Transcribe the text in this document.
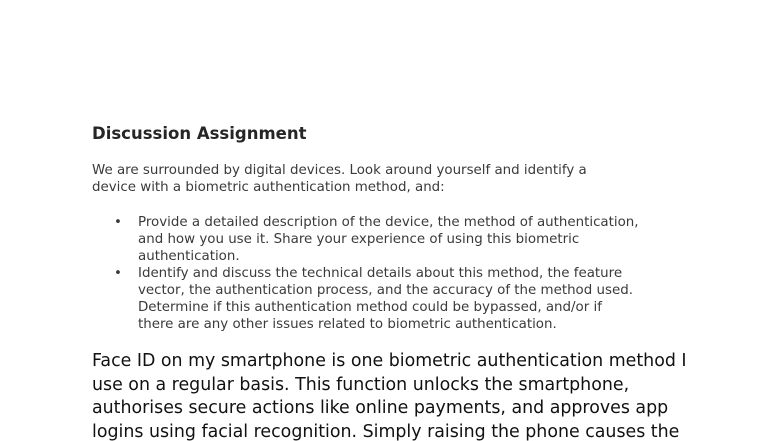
Discussion Assignment
We are surrounded by digital devices. Look around yourself and identify a
device with a biometric authentication method, and:
• Provide a detailed description of the device, the method of authentication,
and how you use it. Share your experience of using this biometric
authentication.
• Identify and discuss the technical details about this method, the feature
vector, the authentication process, and the accuracy of the method used.
Determine if this authentication method could be bypassed, and/or if
there are any other issues related to biometric authentication.
Face ID on my smartphone is one biometric authentication method I
use on a regular basis. This function unlocks the smartphone,
authorises secure actions like online payments, and approves app
logins using facial recognition. Simply raising the phone causes the
